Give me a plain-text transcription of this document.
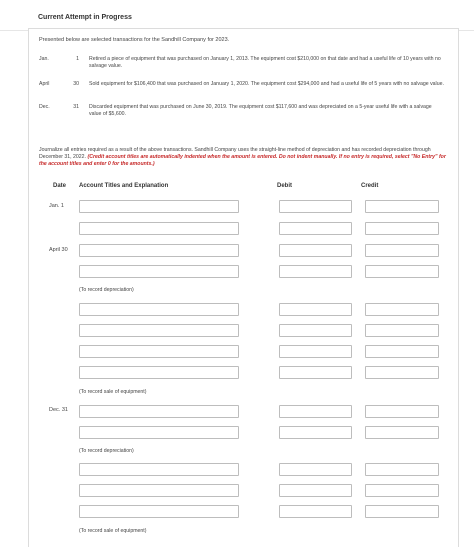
Current Attempt in Progress
Presented below are selected transactions for the Sandhill Company for 2023.
Jan.	1 Retired a piece of equipment that was purchased on January 1, 2013. The equipment cost $210,000 on that date and had a useful life of 10 years with no salvage value.
April	30 Sold equipment for $106,400 that was purchased on January 1, 2020. The equipment cost $294,000 and had a useful life of 5 years with no salvage value.
Dec.	31 Discarded equipment that was purchased on June 30, 2019. The equipment cost $117,600 and was depreciated on a 5-year useful life with a salvage value of $5,600.
Journalize all entries required as a result of the above transactions. Sandhill Company uses the straight-line method of depreciation and has recorded depreciation through December 31, 2022. (Credit account titles are automatically indented when the amount is entered. Do not indent manually. If no entry is required, select "No Entry" for the account titles and enter 0 for the amounts.)
Date Account Titles and Explanation	Debit	Credit
Jan. 1
April 30
(To record depreciation)
(To record sale of equipment)
Dec. 31
(To record depreciation)
(To record sale of equipment)
